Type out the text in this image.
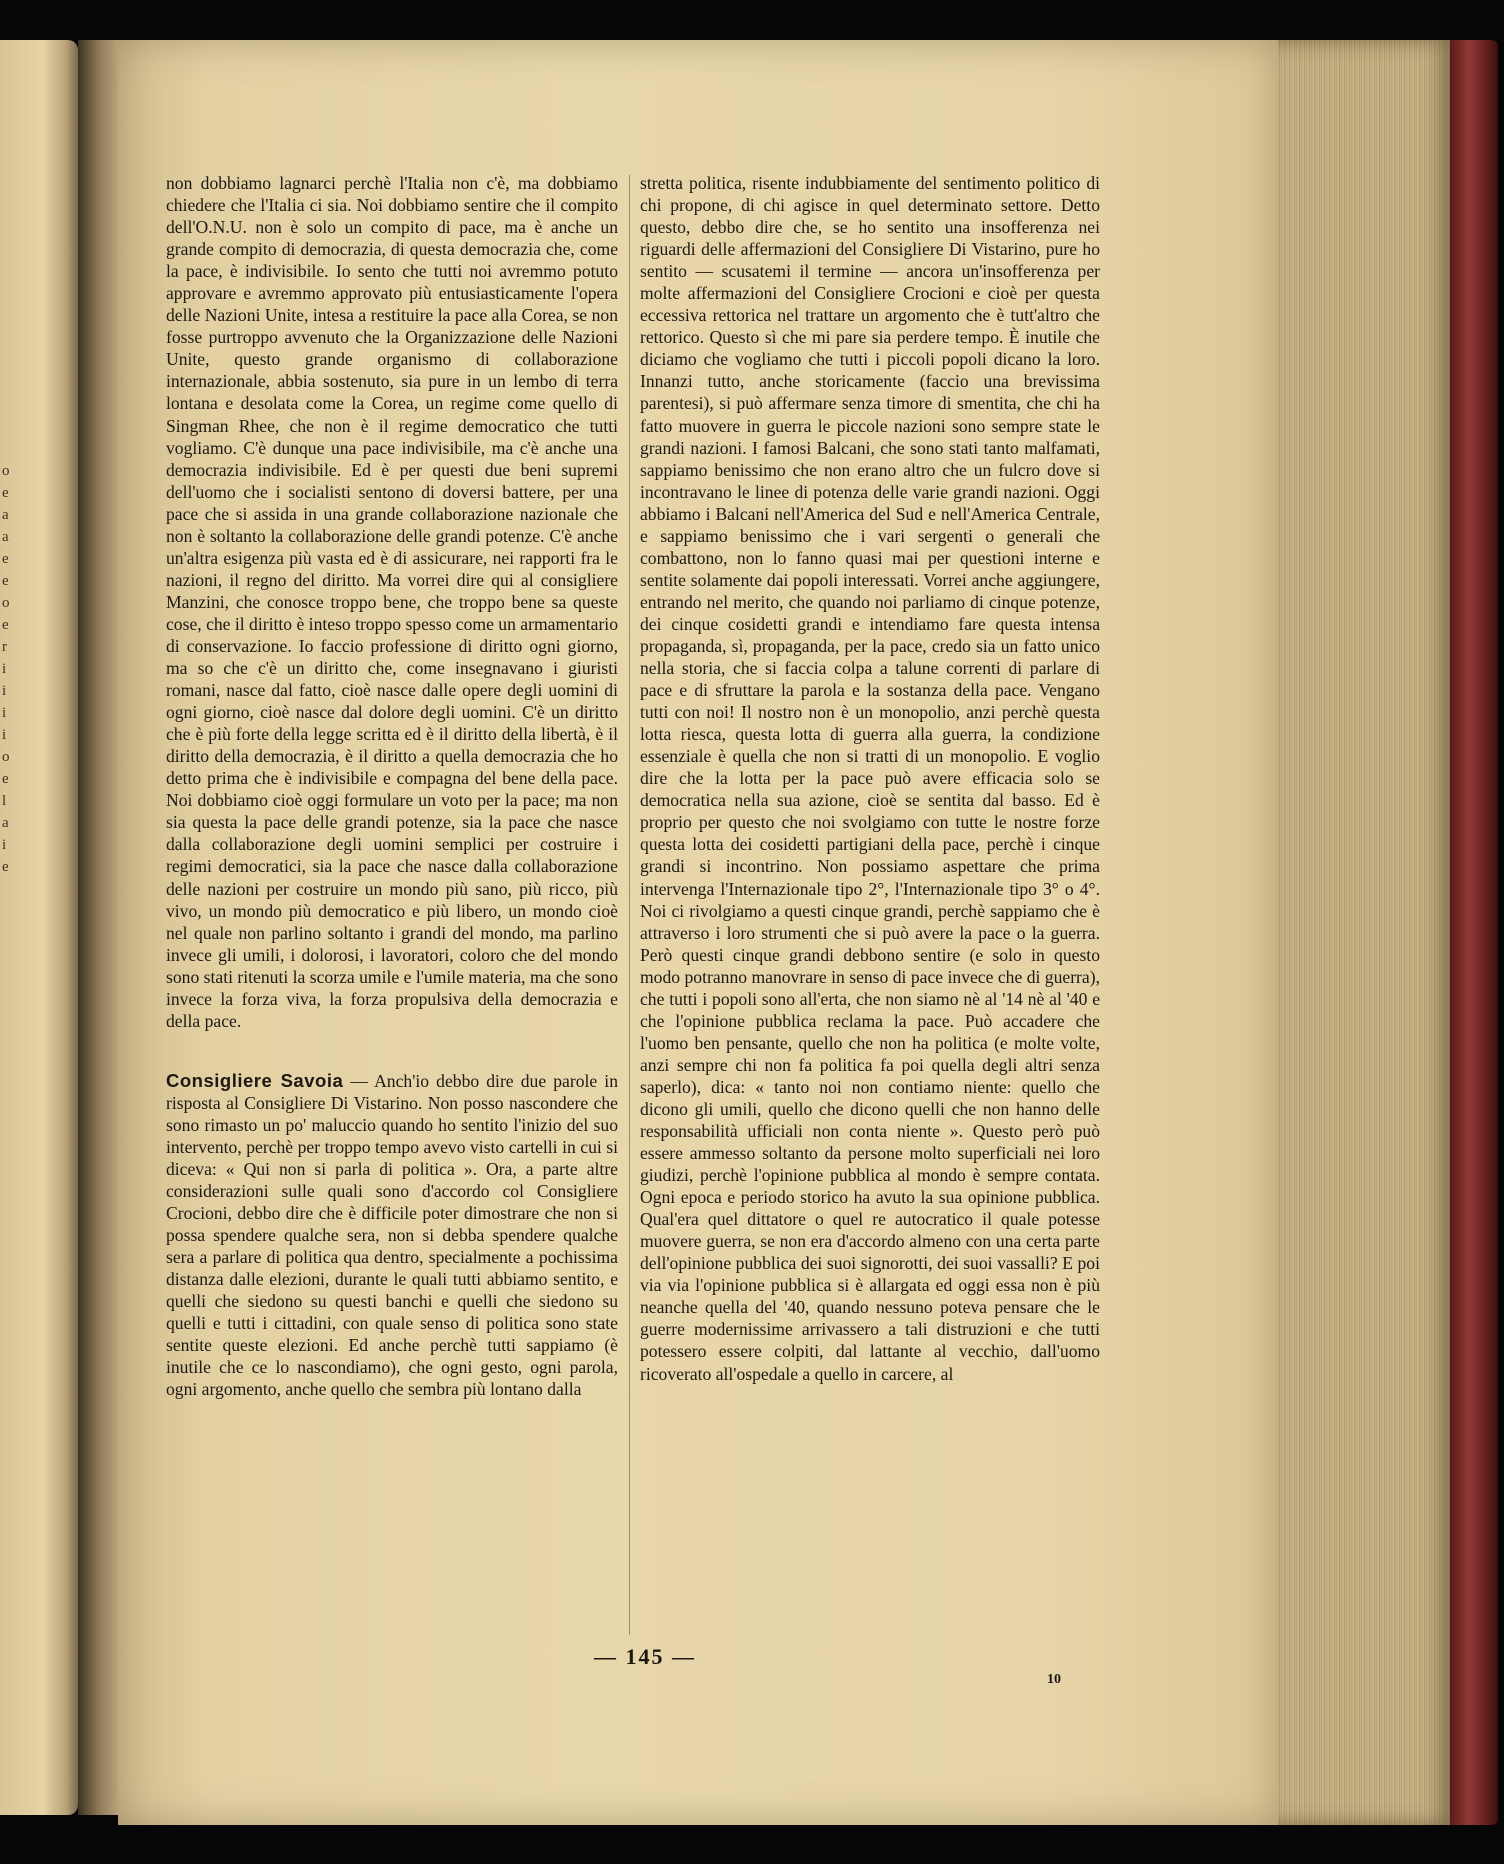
o
e
a
a
e
e
o
e
r
i
i
i
i
o
e
l
a
i
e

non dobbiamo lagnarci perchè l'Italia non c'è, ma dobbiamo chiedere che l'Italia ci sia. Noi dobbiamo sentire che il compito dell'O.N.U. non è solo un compito di pace, ma è anche un grande compito di democrazia, di questa democrazia che, come la pace, è indivisibile. Io sento che tutti noi avremmo potuto approvare e avremmo approvato più entusiasticamente l'opera delle Nazioni Unite, intesa a restituire la pace alla Corea, se non fosse purtroppo avvenuto che la Organizzazione delle Nazioni Unite, questo grande organismo di collaborazione internazionale, abbia sostenuto, sia pure in un lembo di terra lontana e desolata come la Corea, un regime come quello di Singman Rhee, che non è il regime democratico che tutti vogliamo. C'è dunque una pace indivisibile, ma c'è anche una democrazia indivisibile. Ed è per questi due beni supremi dell'uomo che i socialisti sentono di doversi battere, per una pace che si assida in una grande collaborazione nazionale che non è soltanto la collaborazione delle grandi potenze. C'è anche un'altra esigenza più vasta ed è di assicurare, nei rapporti fra le nazioni, il regno del diritto. Ma vorrei dire qui al consigliere Manzini, che conosce troppo bene, che troppo bene sa queste cose, che il diritto è inteso troppo spesso come un armamentario di conservazione. Io faccio professione di diritto ogni giorno, ma so che c'è un diritto che, come insegnavano i giuristi romani, nasce dal fatto, cioè nasce dalle opere degli uomini di ogni giorno, cioè nasce dal dolore degli uomini. C'è un diritto che è più forte della legge scritta ed è il diritto della libertà, è il diritto della democrazia, è il diritto a quella democrazia che ho detto prima che è indivisibile e compagna del bene della pace. Noi dobbiamo cioè oggi formulare un voto per la pace; ma non sia questa la pace delle grandi potenze, sia la pace che nasce dalla collaborazione degli uomini semplici per costruire i regimi democratici, sia la pace che nasce dalla collaborazione delle nazioni per costruire un mondo più sano, più ricco, più vivo, un mondo più democratico e più libero, un mondo cioè nel quale non parlino soltanto i grandi del mondo, ma parlino invece gli umili, i dolorosi, i lavoratori, coloro che del mondo sono stati ritenuti la scorza umile e l'umile materia, ma che sono invece la forza viva, la forza propulsiva della democrazia e della pace.

Consigliere Savoia — Anch'io debbo dire due parole in risposta al Consigliere Di Vistarino. Non posso nascondere che sono rimasto un po' maluccio quando ho sentito l'inizio del suo intervento, perchè per troppo tempo avevo visto cartelli in cui si diceva: « Qui non si parla di politica ». Ora, a parte altre considerazioni sulle quali sono d'accordo col Consigliere Crocioni, debbo dire che è difficile poter dimostrare che non si possa spendere qualche sera, non si debba spendere qualche sera a parlare di politica qua dentro, specialmente a pochissima distanza dalle elezioni, durante le quali tutti abbiamo sentito, e quelli che siedono su questi banchi e quelli che siedono su quelli e tutti i cittadini, con quale senso di politica sono state sentite queste elezioni. Ed anche perchè tutti sappiamo (è inutile che ce lo nascondiamo), che ogni gesto, ogni parola, ogni argomento, anche quello che sembra più lontano dalla

stretta politica, risente indubbiamente del sentimento politico di chi propone, di chi agisce in quel determinato settore. Detto questo, debbo dire che, se ho sentito una insofferenza nei riguardi delle affermazioni del Consigliere Di Vistarino, pure ho sentito — scusatemi il termine — ancora un'insofferenza per molte affermazioni del Consigliere Crocioni e cioè per questa eccessiva rettorica nel trattare un argomento che è tutt'altro che rettorico. Questo sì che mi pare sia perdere tempo. È inutile che diciamo che vogliamo che tutti i piccoli popoli dicano la loro. Innanzi tutto, anche storicamente (faccio una brevissima parentesi), si può affermare senza timore di smentita, che chi ha fatto muovere in guerra le piccole nazioni sono sempre state le grandi nazioni. I famosi Balcani, che sono stati tanto malfamati, sappiamo benissimo che non erano altro che un fulcro dove si incontravano le linee di potenza delle varie grandi nazioni. Oggi abbiamo i Balcani nell'America del Sud e nell'America Centrale, e sappiamo benissimo che i vari sergenti o generali che combattono, non lo fanno quasi mai per questioni interne e sentite solamente dai popoli interessati. Vorrei anche aggiungere, entrando nel merito, che quando noi parliamo di cinque potenze, dei cinque cosidetti grandi e intendiamo fare questa intensa propaganda, sì, propaganda, per la pace, credo sia un fatto unico nella storia, che si faccia colpa a talune correnti di parlare di pace e di sfruttare la parola e la sostanza della pace. Vengano tutti con noi! Il nostro non è un monopolio, anzi perchè questa lotta riesca, questa lotta di guerra alla guerra, la condizione essenziale è quella che non si tratti di un monopolio. E voglio dire che la lotta per la pace può avere efficacia solo se democratica nella sua azione, cioè se sentita dal basso. Ed è proprio per questo che noi svolgiamo con tutte le nostre forze questa lotta dei cosidetti partigiani della pace, perchè i cinque grandi si incontrino. Non possiamo aspettare che prima intervenga l'Internazionale tipo 2°, l'Internazionale tipo 3° o 4°. Noi ci rivolgiamo a questi cinque grandi, perchè sappiamo che è attraverso i loro strumenti che si può avere la pace o la guerra. Però questi cinque grandi debbono sentire (e solo in questo modo potranno manovrare in senso di pace invece che di guerra), che tutti i popoli sono all'erta, che non siamo nè al '14 nè al '40 e che l'opinione pubblica reclama la pace. Può accadere che l'uomo ben pensante, quello che non ha politica (e molte volte, anzi sempre chi non fa politica fa poi quella degli altri senza saperlo), dica: « tanto noi non contiamo niente: quello che dicono gli umili, quello che dicono quelli che non hanno delle responsabilità ufficiali non conta niente ». Questo però può essere ammesso soltanto da persone molto superficiali nei loro giudizi, perchè l'opinione pubblica al mondo è sempre contata. Ogni epoca e periodo storico ha avuto la sua opinione pubblica. Qual'era quel dittatore o quel re autocratico il quale potesse muovere guerra, se non era d'accordo almeno con una certa parte dell'opinione pubblica dei suoi signorotti, dei suoi vassalli? E poi via via l'opinione pubblica si è allargata ed oggi essa non è più neanche quella del '40, quando nessuno poteva pensare che le guerre modernissime arrivassero a tali distruzioni e che tutti potessero essere colpiti, dal lattante al vecchio, dall'uomo ricoverato all'ospedale a quello in carcere, al

— 145 —
10
